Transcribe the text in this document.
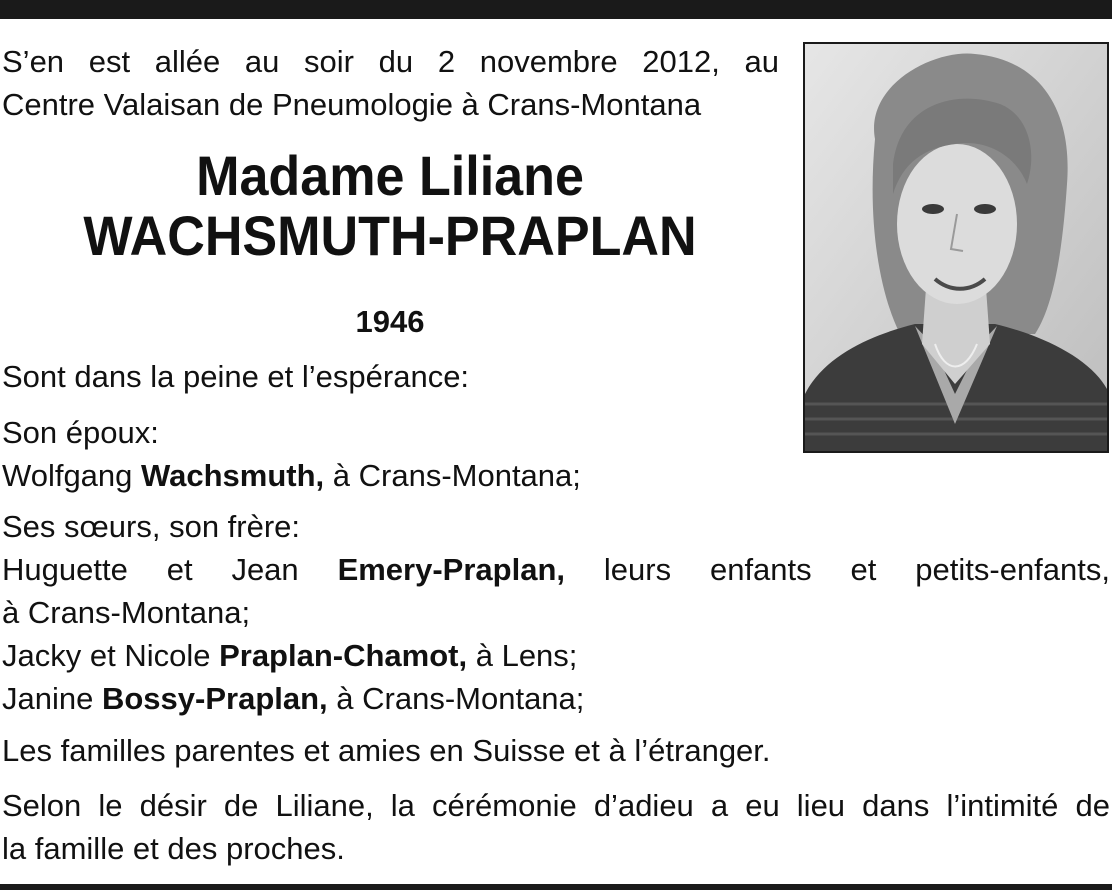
S’en est allée au soir du 2 novembre 2012, au
Centre Valaisan de Pneumologie à Crans-Montana
Madame Liliane
WACHSMUTH-PRAPLAN
1946
Sont dans la peine et l’espérance:
Son époux:
Wolfgang Wachsmuth, à Crans-Montana;
Ses sœurs, son frère:
Huguette et Jean Emery-Praplan, leurs enfants et petits-enfants,
à Crans-Montana;
Jacky et Nicole Praplan-Chamot, à Lens;
Janine Bossy-Praplan, à Crans-Montana;
Les familles parentes et amies en Suisse et à l’étranger.
Selon le désir de Liliane, la cérémonie d’adieu a eu lieu dans l’intimité de
la famille et des proches.
